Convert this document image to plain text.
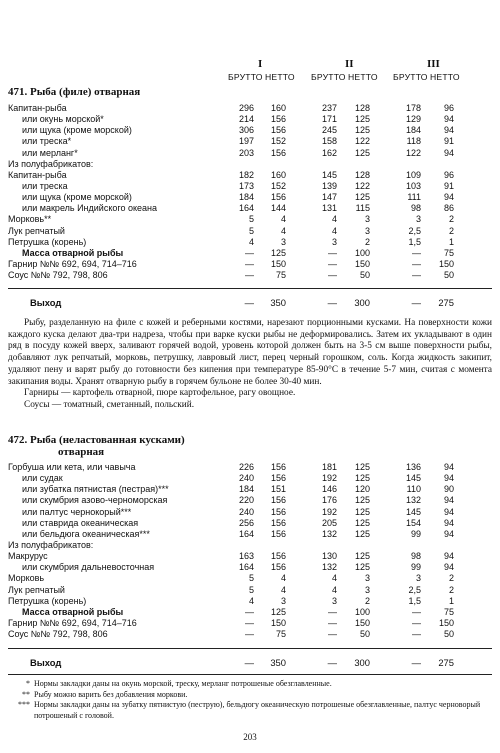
I	II	III
БРУТТО НЕТТО БРУТТО НЕТТО БРУТТО НЕТТО
471. Рыба (филе) отварная
Капитан-рыба	296	160	237	128	178	96
или окунь морской*	214	156	171	125	129	94
или щука (кроме морской)	306	156	245	125	184	94
или треска*	197	152	158	122	118	91
или мерланг*	203	156	162	125	122	94
Из полуфабрикатов:
Капитан-рыба	182	160	145	128	109	96
или треска	173	152	139	122	103	91
или щука (кроме морской)	184	156	147	125	111	94
или макрель Индийского океана	164	144	131	115	98	86
Морковь**	5	4	4	3	3	2
Лук репчатый	5	4	4	3	2,5	2
Петрушка (корень)	4	3	3	2	1,5	1
Масса отварной рыбы	—	125	—	100	—	75
Гарнир №№ 692, 694, 714–716	—	150	—	150	—	150
Соус №№ 792, 798, 806	—	75	—	50	—	50
Выход	—	350	—	300	—	275

Рыбу, разделанную на филе с кожей и реберными костями, нарезают порционными кусками. На поверхности кожи каждого куска делают два-три надреза, чтобы при варке куски рыбы не деформировались. Затем их укладывают в один ряд в посуду кожей вверх, заливают горячей водой, уровень которой должен быть на 3-5 см выше поверхности рыбы, добавляют лук репчатый, морковь, петрушку, лавровый лист, перец черный горошком, соль. Когда жидкость закипит, удаляют пену и варят рыбу до готовности без кипения при температуре 85-90°С в течение 5-7 мин, считая с момента закипания воды. Хранят отварную рыбу в горячем бульоне не более 30-40 мин.

Гарниры — картофель отварной, пюре картофельное, рагу овощное.

Соусы — томатный, сметанный, польский.

472. Рыба (неластованная кусками)
отварная
Горбуша или кета, или чавыча	226	156	181	125	136	94
или судак	240	156	192	125	145	94
или зубатка пятнистая (пестрая)***	184	151	146	120	110	90
или скумбрия азово-черноморская	220	156	176	125	132	94
или палтус чернокорый***	240	156	192	125	145	94
или ставрида океаническая	256	156	205	125	154	94
или бельдюга океаническая***	164	156	132	125	99	94
Из полуфабрикатов:
Макрурус	163	156	130	125	98	94
или скумбрия дальневосточная	164	156	132	125	99	94
Морковь	5	4	4	3	3	2
Лук репчатый	5	4	4	3	2,5	2
Петрушка (корень)	4	3	3	2	1,5	1
Масса отварной рыбы	—	125	—	100	—	75
Гарнир №№ 692, 694, 714–716	—	150	—	150	—	150
Соус №№ 792, 798, 806	—	75	—	50	—	50
Выход	—	350	—	300	—	275
* Нормы закладки даны на окунь морской, треску, мерланг потрошеные обезглавленные.
** Рыбу можно варить без добавления моркови.
*** Нормы закладки даны на зубатку пятнистую (пеструю), бельдюгу океаническую потрошеные обезглавленные, палтус черноворый потрошеный с головой.
203
